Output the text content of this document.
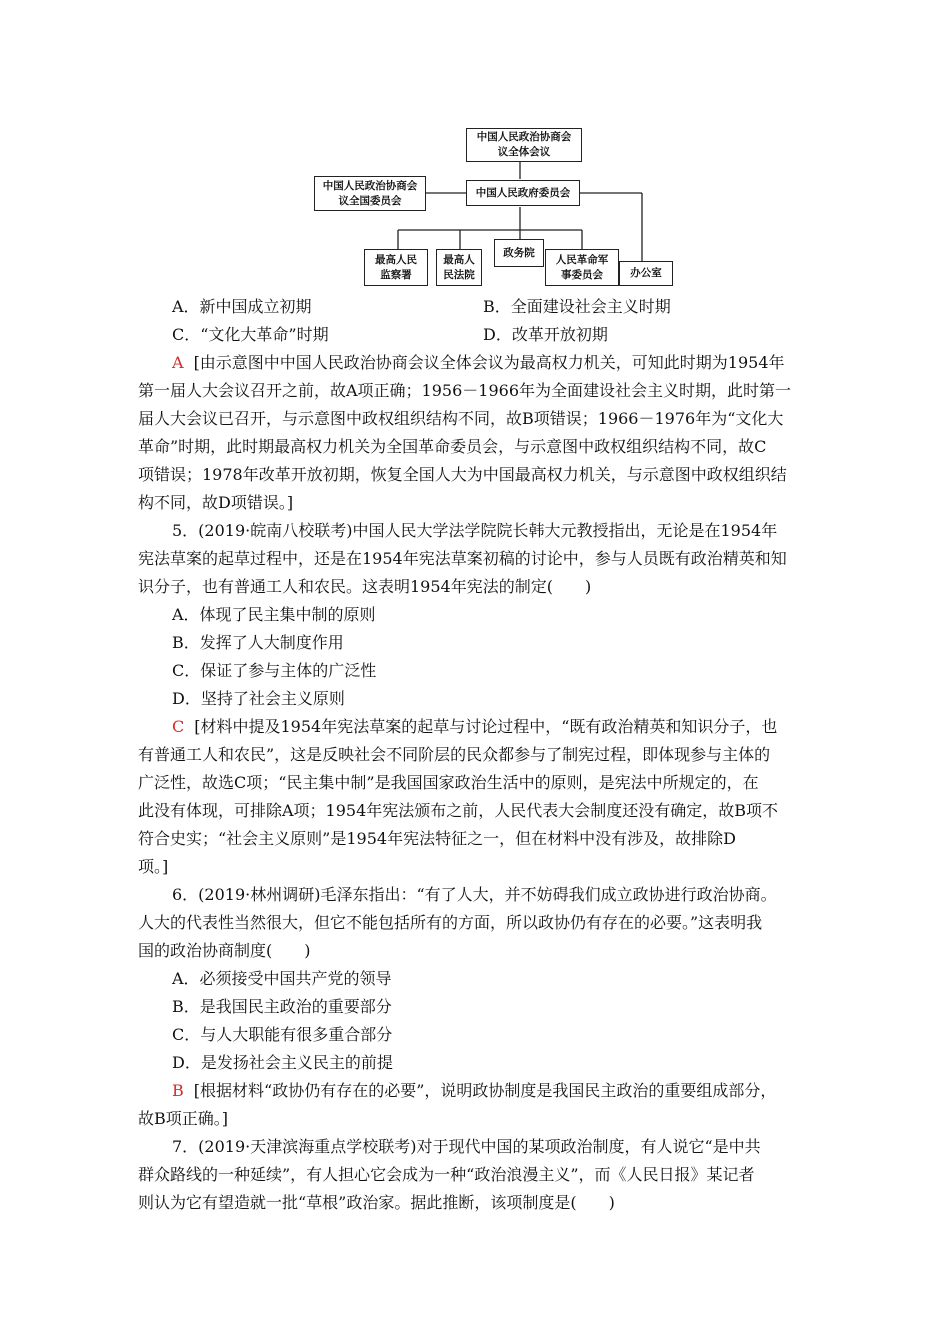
中国人民政治协商会
议全体会议
中国人民政治协商会
议全国委员会
中国人民政府委员会
最高人民
监察署
最高人
民法院
政务院
人民革命军
事委员会	办公室
A．新中国成立初期	B．全面建设社会主义时期
C．“文化大革命”时期	D．改革开放初期
A [由示意图中中国人民政治协商会议全体会议为最高权力机关，可知此时期为1954年
第一届人大会议召开之前，故A项正确；1956－1966年为全面建设社会主义时期，此时第一
届人大会议已召开，与示意图中政权组织结构不同，故B项错误；1966－1976年为“文化大
革命”时期，此时期最高权力机关为全国革命委员会，与示意图中政权组织结构不同，故C
项错误；1978年改革开放初期，恢复全国人大为中国最高权力机关，与示意图中政权组织结
构不同，故D项错误。]
5．(2019·皖南八校联考)中国人民大学法学院院长韩大元教授指出，无论是在1954年
宪法草案的起草过程中，还是在1954年宪法草案初稿的讨论中，参与人员既有政治精英和知
识分子，也有普通工人和农民。这表明1954年宪法的制定(　　)
A．体现了民主集中制的原则
B．发挥了人大制度作用
C．保证了参与主体的广泛性
D．坚持了社会主义原则
C [材料中提及1954年宪法草案的起草与讨论过程中，“既有政治精英和知识分子，也
有普通工人和农民”，这是反映社会不同阶层的民众都参与了制宪过程，即体现参与主体的
广泛性，故选C项；“民主集中制”是我国国家政治生活中的原则，是宪法中所规定的，在
此没有体现，可排除A项；1954年宪法颁布之前，人民代表大会制度还没有确定，故B项不
符合史实；“社会主义原则”是1954年宪法特征之一，但在材料中没有涉及，故排除D
项。]
6．(2019·林州调研)毛泽东指出：“有了人大，并不妨碍我们成立政协进行政治协商。
人大的代表性当然很大，但它不能包括所有的方面，所以政协仍有存在的必要。”这表明我
国的政治协商制度(　　)
A．必须接受中国共产党的领导
B．是我国民主政治的重要部分
C．与人大职能有很多重合部分
D．是发扬社会主义民主的前提
B [根据材料“政协仍有存在的必要”，说明政协制度是我国民主政治的重要组成部分，
故B项正确。]
7．(2019·天津滨海重点学校联考)对于现代中国的某项政治制度，有人说它“是中共
群众路线的一种延续”，有人担心它会成为一种“政治浪漫主义”，而《人民日报》某记者
则认为它有望造就一批“草根”政治家。据此推断，该项制度是(　　)
